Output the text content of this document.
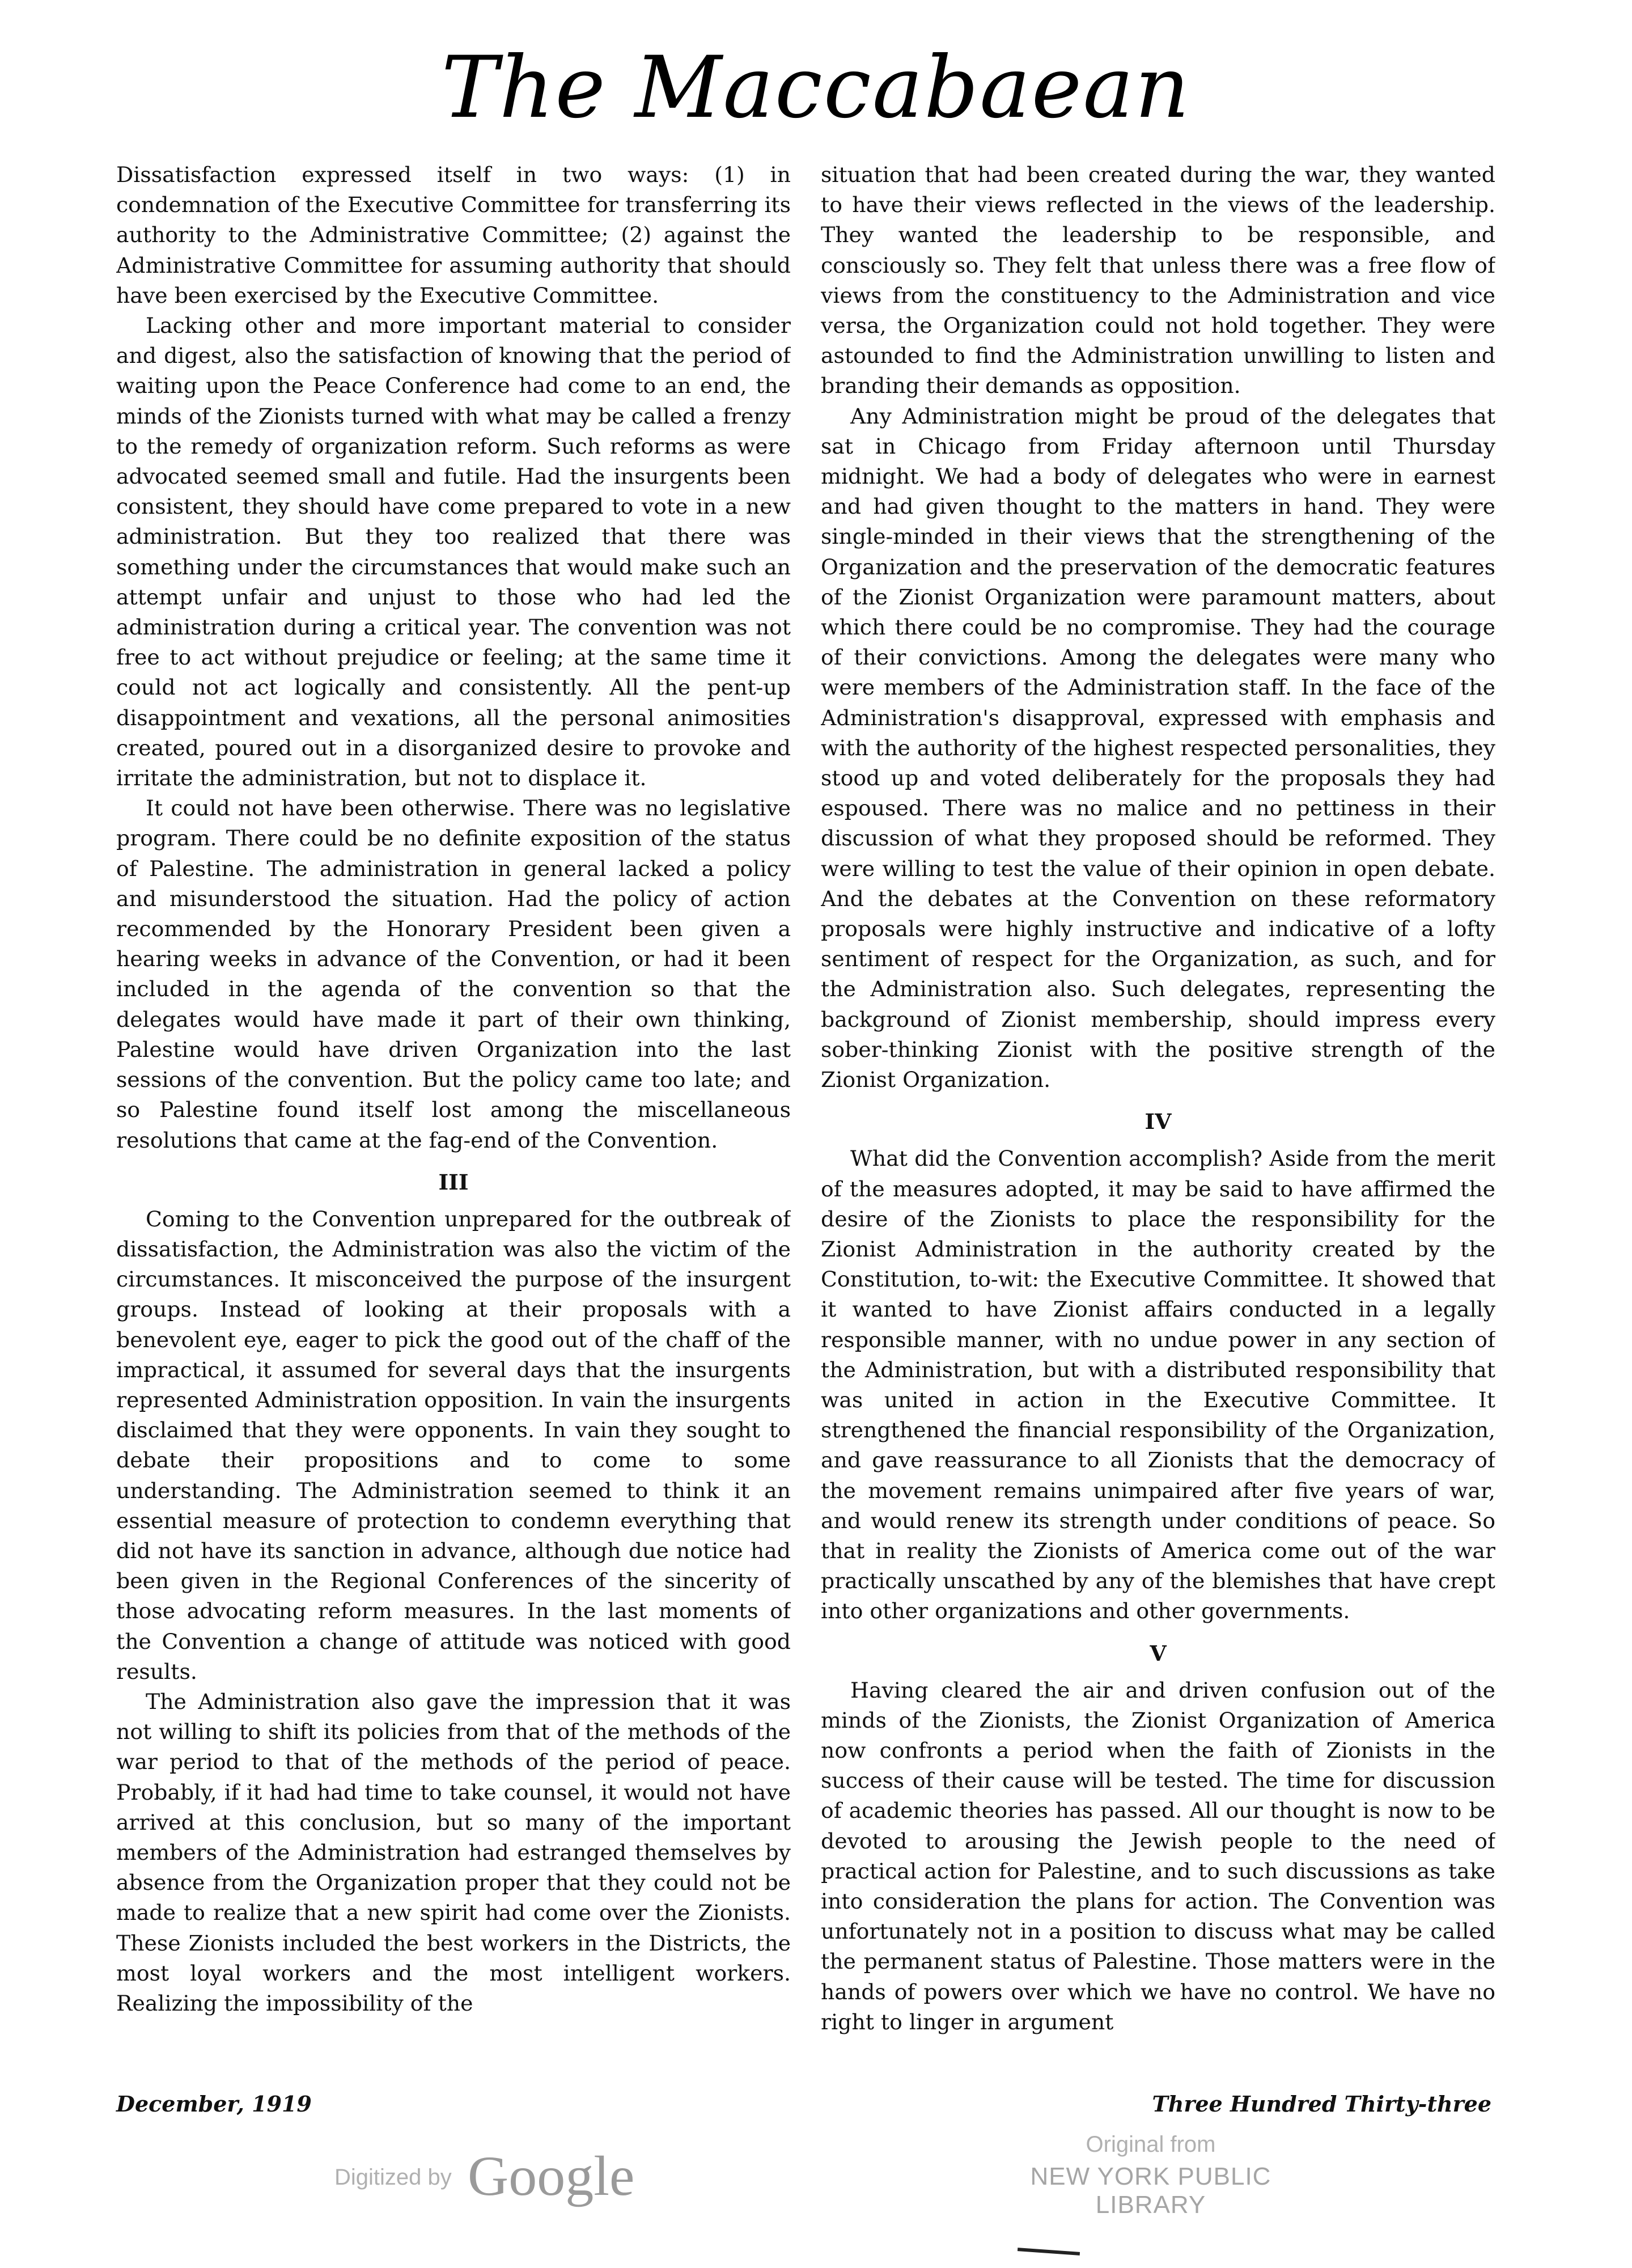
The Maccabaean

Dissatisfaction expressed itself in two ways: (1) in condemnation of the Executive Committee for transferring its authority to the Administrative Committee; (2) against the Administrative Committee for assuming authority that should have been exercised by the Executive Committee.

Lacking other and more important material to consider and digest, also the satisfaction of knowing that the period of waiting upon the Peace Conference had come to an end, the minds of the Zionists turned with what may be called a frenzy to the remedy of organization reform. Such reforms as were advocated seemed small and futile. Had the insurgents been consistent, they should have come prepared to vote in a new administration. But they too realized that there was something under the circumstances that would make such an attempt unfair and unjust to those who had led the administration during a critical year. The convention was not free to act without prejudice or feeling; at the same time it could not act logically and consistently. All the pent-up disappointment and vexations, all the personal animosities created, poured out in a disorganized desire to provoke and irritate the administration, but not to displace it.

It could not have been otherwise. There was no legislative program. There could be no definite exposition of the status of Palestine. The administration in general lacked a policy and misunderstood the situation. Had the policy of action recommended by the Honorary President been given a hearing weeks in advance of the Convention, or had it been included in the agenda of the convention so that the delegates would have made it part of their own thinking, Palestine would have driven Organization into the last sessions of the convention. But the policy came too late; and so Palestine found itself lost among the miscellaneous resolutions that came at the fag-end of the Convention.

III

Coming to the Convention unprepared for the outbreak of dissatisfaction, the Administration was also the victim of the circumstances. It misconceived the purpose of the insurgent groups. Instead of looking at their proposals with a benevolent eye, eager to pick the good out of the chaff of the impractical, it assumed for several days that the insurgents represented Administration opposition. In vain the insurgents disclaimed that they were opponents. In vain they sought to debate their propositions and to come to some understanding. The Administration seemed to think it an essential measure of protection to condemn everything that did not have its sanction in advance, although due notice had been given in the Regional Conferences of the sincerity of those advocating reform measures. In the last moments of the Convention a change of attitude was noticed with good results.

The Administration also gave the impression that it was not willing to shift its policies from that of the methods of the war period to that of the methods of the period of peace. Probably, if it had had time to take counsel, it would not have arrived at this conclusion, but so many of the important members of the Administration had estranged themselves by absence from the Organization proper that they could not be made to realize that a new spirit had come over the Zionists. These Zionists included the best workers in the Districts, the most loyal workers and the most intelligent workers. Realizing the impossibility of the

situation that had been created during the war, they wanted to have their views reflected in the views of the leadership. They wanted the leadership to be responsible, and consciously so. They felt that unless there was a free flow of views from the constituency to the Administration and vice versa, the Organization could not hold together. They were astounded to find the Administration unwilling to listen and branding their demands as opposition.

Any Administration might be proud of the delegates that sat in Chicago from Friday afternoon until Thursday midnight. We had a body of delegates who were in earnest and had given thought to the matters in hand. They were single-minded in their views that the strengthening of the Organization and the preservation of the democratic features of the Zionist Organization were paramount matters, about which there could be no compromise. They had the courage of their convictions. Among the delegates were many who were members of the Administration staff. In the face of the Administration's disapproval, expressed with emphasis and with the authority of the highest respected personalities, they stood up and voted deliberately for the proposals they had espoused. There was no malice and no pettiness in their discussion of what they proposed should be reformed. They were willing to test the value of their opinion in open debate. And the debates at the Convention on these reformatory proposals were highly instructive and indicative of a lofty sentiment of respect for the Organization, as such, and for the Administration also. Such delegates, representing the background of Zionist membership, should impress every sober-thinking Zionist with the positive strength of the Zionist Organization.

IV

What did the Convention accomplish? Aside from the merit of the measures adopted, it may be said to have affirmed the desire of the Zionists to place the responsibility for the Zionist Administration in the authority created by the Constitution, to-wit: the Executive Committee. It showed that it wanted to have Zionist affairs conducted in a legally responsible manner, with no undue power in any section of the Administration, but with a distributed responsibility that was united in action in the Executive Committee. It strengthened the financial responsibility of the Organization, and gave reassurance to all Zionists that the democracy of the movement remains unimpaired after five years of war, and would renew its strength under conditions of peace. So that in reality the Zionists of America come out of the war practically unscathed by any of the blemishes that have crept into other organizations and other governments.

V

Having cleared the air and driven confusion out of the minds of the Zionists, the Zionist Organization of America now confronts a period when the faith of Zionists in the success of their cause will be tested. The time for discussion of academic theories has passed. All our thought is now to be devoted to arousing the Jewish people to the need of practical action for Palestine, and to such discussions as take into consideration the plans for action. The Convention was unfortunately not in a position to discuss what may be called the permanent status of Palestine. Those matters were in the hands of powers over which we have no control. We have no right to linger in argument

December, 1919	Three Hundred Thirty-three
Digitized by Google	Original from
NEW YORK PUBLIC LIBRARY
